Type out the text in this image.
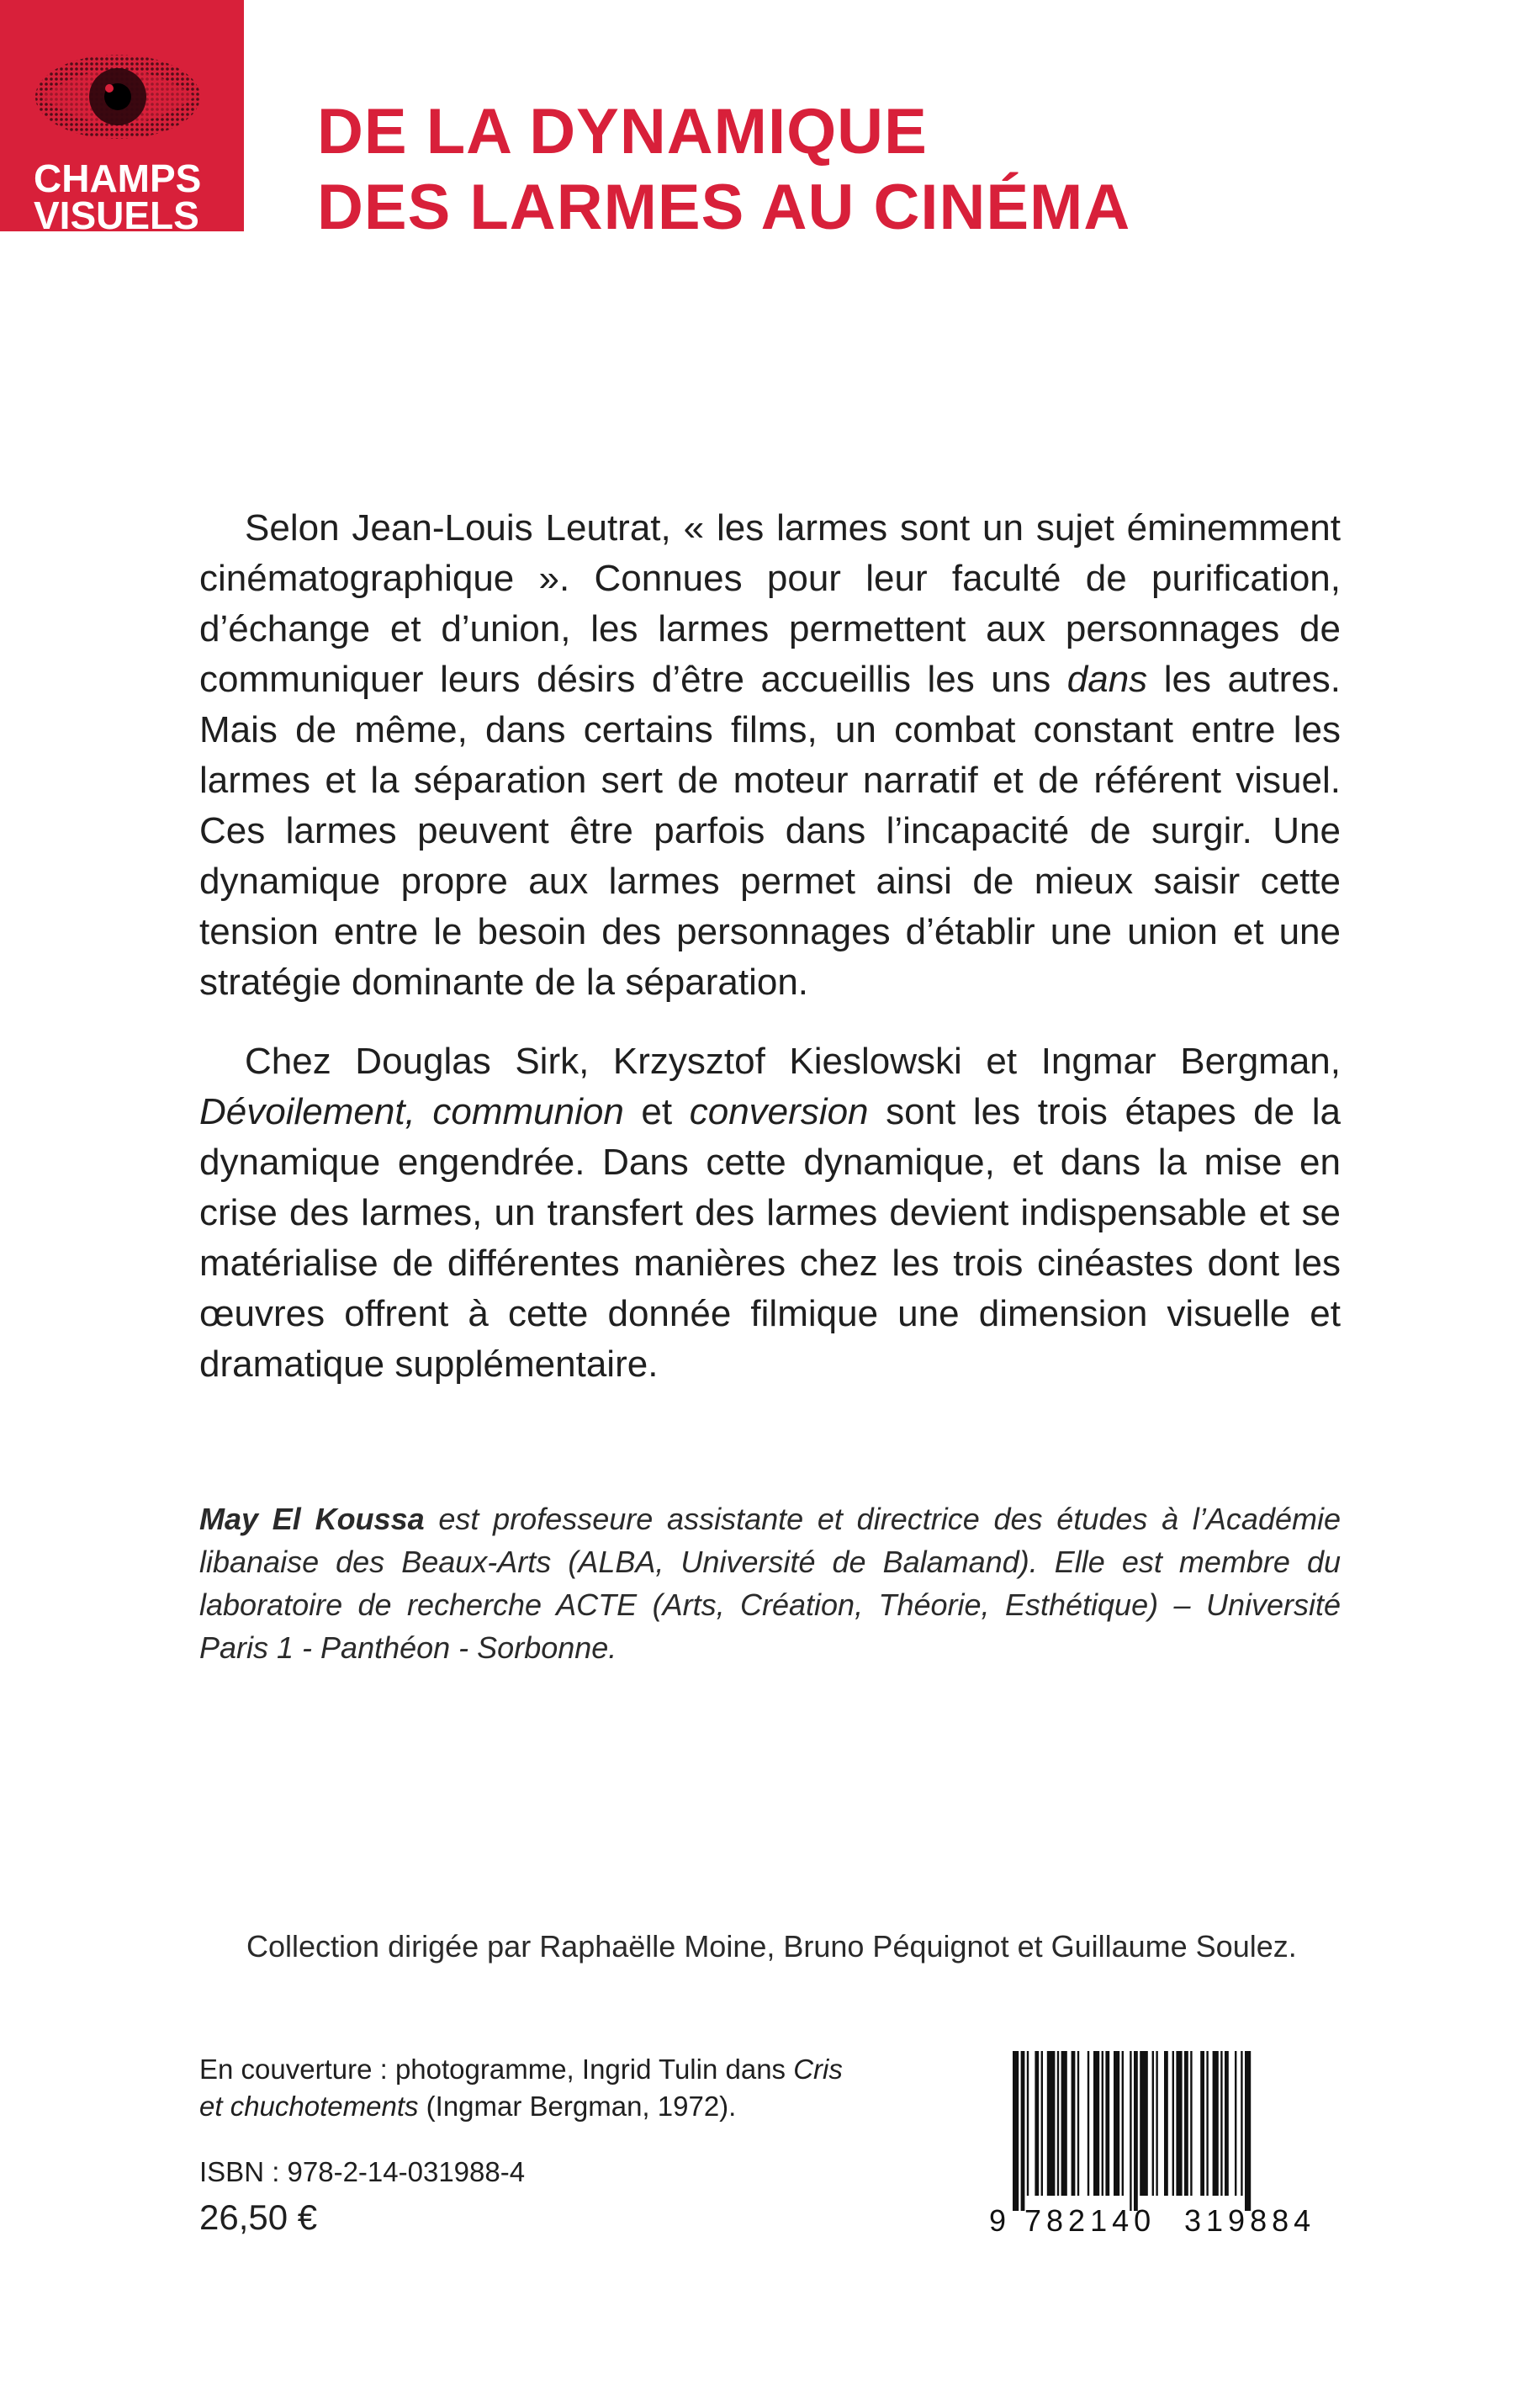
CHAMPS
VISUELS
DE LA DYNAMIQUE
DES LARMES AU CINÉMA

Selon Jean-Louis Leutrat, « les larmes sont un sujet éminemment cinématographique ». Connues pour leur faculté de purification, d’échange et d’union, les larmes permettent aux personnages de communiquer leurs désirs d’être accueillis les uns dans les autres. Mais de même, dans certains films, un combat constant entre les larmes et la séparation sert de moteur narratif et de référent visuel. Ces larmes peuvent être parfois dans l’incapacité de surgir. Une dynamique propre aux larmes permet ainsi de mieux saisir cette tension entre le besoin des personnages d’établir une union et une stratégie dominante de la séparation.

Chez Douglas Sirk, Krzysztof Kieslowski et Ingmar Bergman, Dévoilement, communion et conversion sont les trois étapes de la dynamique engendrée. Dans cette dynamique, et dans la mise en crise des larmes, un transfert des larmes devient indispensable et se matérialise de différentes manières chez les trois cinéastes dont les œuvres offrent à cette donnée filmique une dimension visuelle et dramatique supplémentaire.

May El Koussa est professeure assistante et directrice des études à l’Académie libanaise des Beaux-Arts (ALBA, Université de Balamand). Elle est membre du laboratoire de recherche ACTE (Arts, Création, Théorie, Esthétique) – Université Paris 1 - Panthéon - Sorbonne.
Collection dirigée par Raphaëlle Moine, Bruno Péquignot et Guillaume Soulez.
En couverture : photogramme, Ingrid Tulin dans Cris et chuchotements (Ingmar Bergman, 1972).
ISBN : 978-2-14-031988-4
26,50 €	9 782140 319884
